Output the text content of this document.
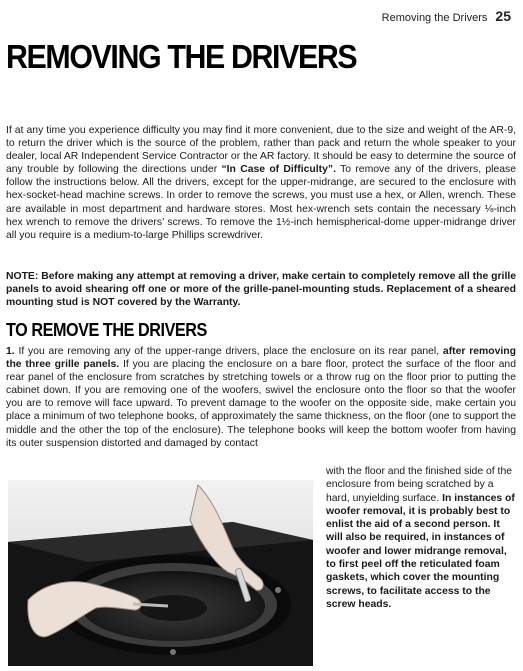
Removing the Drivers 25
REMOVING THE DRIVERS

If at any time you experience difficulty you may find it more convenient, due to the size and weight of the AR-9, to return the driver which is the source of the problem, rather than pack and return the whole speaker to your dealer, local AR Independent Service Contractor or the AR factory. It should be easy to determine the source of any trouble by following the directions under “In Case of Difficulty”. To remove any of the drivers, please follow the instructions below. All the drivers, except for the upper-midrange, are secured to the enclosure with hex-socket-head machine screws. In order to remove the screws, you must use a hex, or Allen, wrench. These are available in most department and hardware stores. Most hex-wrench sets contain the necessary ⅛-inch hex wrench to remove the drivers’ screws. To remove the 1½-inch hemispherical-dome upper-midrange driver all you require is a medium-to-large Phillips screwdriver.

NOTE: Before making any attempt at removing a driver, make certain to completely remove all the grille panels to avoid shearing off one or more of the grille-panel-mounting studs. Replacement of a sheared mounting stud is NOT covered by the Warranty.

TO REMOVE THE DRIVERS

1. If you are removing any of the upper-range drivers, place the enclosure on its rear panel, after removing the three grille panels. If you are placing the enclosure on a bare floor, protect the surface of the floor and rear panel of the enclosure from scratches by stretching towels or a throw rug on the floor prior to putting the cabinet down. If you are removing one of the woofers, swivel the enclosure onto the floor so that the woofer you are to remove will face upward. To prevent damage to the woofer on the opposite side, make certain you place a minimum of two telephone books, of approximately the same thickness, on the floor (one to support the middle and the other the top of the enclosure). The telephone books will keep the bottom woofer from having its outer suspension distorted and damaged by contact

with the floor and the finished side of the enclosure from being scratched by a hard, unyielding surface. In instances of woofer removal, it is probably best to enlist the aid of a second person. It will also be required, in instances of woofer and lower midrange removal, to first peel off the reticulated foam gaskets, which cover the mounting screws, to facilitate access to the screw heads.
